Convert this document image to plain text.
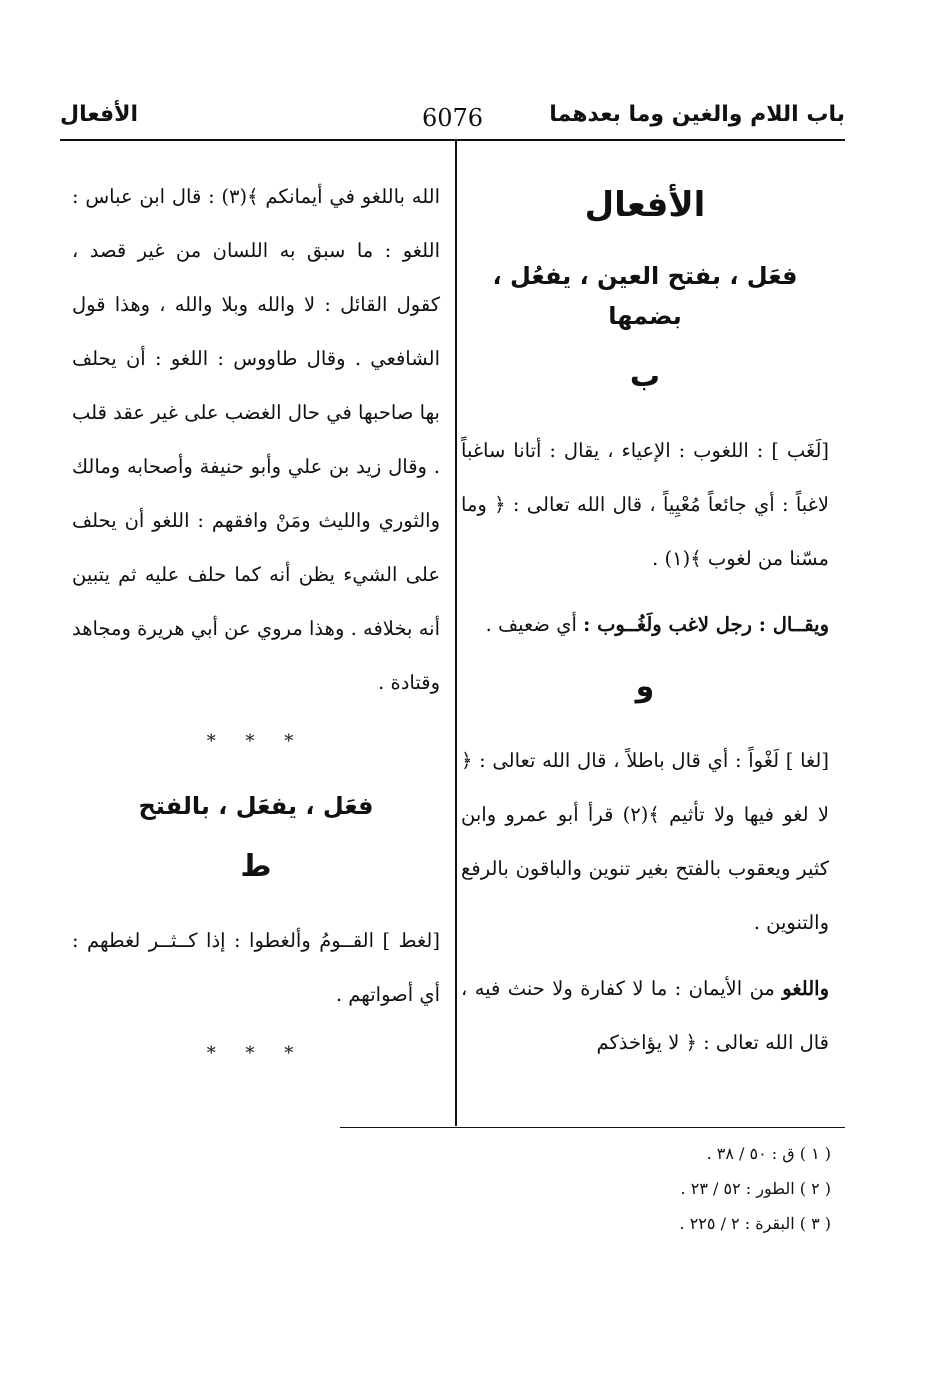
باب اللام والغين وما بعدهما
6076
الأفعال
الأفعال
فعَل ، بفتح العين ، يفعُل ، بضمها
ب

[لَغَب ] : اللغوب : الإعياء ، يقال : أتانا ساغباً لاغباً : أي جائعاً مُعْيِياً ، قال الله تعالى : ﴿ وما مسّنا من لغوب ﴾(١) .

ويقــال : رجل لاغب ولَغُــوب : أي ضعيف .

و

[لغا ] لَغْواً : أي قال باطلاً ، قال الله تعالى : ﴿ لا لغو فيها ولا تأثيم ﴾(٢) قرأ أبو عمرو وابن كثير ويعقوب بالفتح بغير تنوين والباقون بالرفع والتنوين .

واللغو من الأيمان : ما لا كفارة ولا حنث فيه ، قال الله تعالى : ﴿ لا يؤاخذكم

الله باللغو في أيمانكم ﴾(٣) : قال ابن عباس : اللغو : ما سبق به اللسان من غير قصد ، كقول القائل : لا والله وبلا والله ، وهذا قول الشافعي . وقال طاووس : اللغو : أن يحلف بها صاحبها في حال الغضب على غير عقد قلب . وقال زيد بن علي وأبو حنيفة وأصحابه ومالك والثوري والليث ومَنْ وافقهم : اللغو أن يحلف على الشيء يظن أنه كما حلف عليه ثم يتبين أنه بخلافه . وهذا مروي عن أبي هريرة ومجاهد وقتادة .

* * *
فعَل ، يفعَل ، بالفتح
ط

[لغط ] القــومُ وألغطوا : إذا كــثــر لغطهم : أي أصواتهم .

* * *

( ١ ) ق : ٥٠ / ٣٨ .

( ٢ ) الطور : ٥٢ / ٢٣ .

( ٣ ) البقرة : ٢ / ٢٢٥ .
